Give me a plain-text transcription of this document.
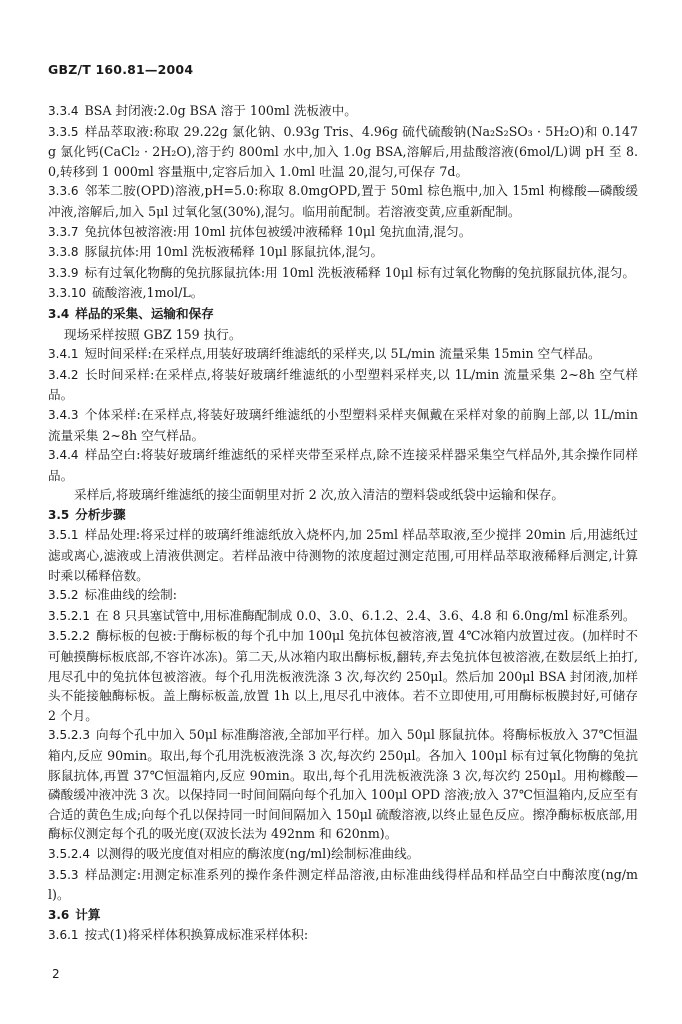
GBZ/T 160.81—2004

3.3.4 BSA 封闭液:2.0g BSA 溶于 100ml 洗板液中。

3.3.5 样品萃取液:称取 29.22g 氯化钠、0.93g Tris、4.96g 硫代硫酸钠(Na₂S₂SO₃ · 5H₂O)和 0.147g 氯化钙(CaCl₂ · 2H₂O),溶于约 800ml 水中,加入 1.0g BSA,溶解后,用盐酸溶液(6mol/L)调 pH 至 8.0,转移到 1 000ml 容量瓶中,定容后加入 1.0ml 吐温 20,混匀,可保存 7d。

3.3.6 邻苯二胺(OPD)溶液,pH=5.0:称取 8.0mgOPD,置于 50ml 棕色瓶中,加入 15ml 枸橼酸—磷酸缓冲液,溶解后,加入 5μl 过氧化氢(30%),混匀。临用前配制。若溶液变黄,应重新配制。

3.3.7 兔抗体包被溶液:用 10ml 抗体包被缓冲液稀释 10μl 兔抗血清,混匀。

3.3.8 豚鼠抗体:用 10ml 洗板液稀释 10μl 豚鼠抗体,混匀。

3.3.9 标有过氧化物酶的兔抗豚鼠抗体:用 10ml 洗板液稀释 10μl 标有过氧化物酶的兔抗豚鼠抗体,混匀。

3.3.10 硫酸溶液,1mol/L。

3.4 样品的采集、运输和保存

现场采样按照 GBZ 159 执行。

3.4.1 短时间采样:在采样点,用装好玻璃纤维滤纸的采样夹,以 5L/min 流量采集 15min 空气样品。

3.4.2 长时间采样:在采样点,将装好玻璃纤维滤纸的小型塑料采样夹,以 1L/min 流量采集 2~8h 空气样品。

3.4.3 个体采样:在采样点,将装好玻璃纤维滤纸的小型塑料采样夹佩戴在采样对象的前胸上部,以 1L/min 流量采集 2~8h 空气样品。

3.4.4 样品空白:将装好玻璃纤维滤纸的采样夹带至采样点,除不连接采样器采集空气样品外,其余操作同样品。

采样后,将玻璃纤维滤纸的接尘面朝里对折 2 次,放入清洁的塑料袋或纸袋中运输和保存。

3.5 分析步骤

3.5.1 样品处理:将采过样的玻璃纤维滤纸放入烧杯内,加 25ml 样品萃取液,至少搅拌 20min 后,用滤纸过滤或离心,滤液或上清液供测定。若样品液中待测物的浓度超过测定范围,可用样品萃取液稀释后测定,计算时乘以稀释倍数。

3.5.2 标准曲线的绘制:

3.5.2.1 在 8 只具塞试管中,用标准酶配制成 0.0、3.0、6.1.2、2.4、3.6、4.8 和 6.0ng/ml 标准系列。

3.5.2.2 酶标板的包被:于酶标板的每个孔中加 100μl 兔抗体包被溶液,置 4℃冰箱内放置过夜。(加样时不可触摸酶标板底部,不容许冰冻)。第二天,从冰箱内取出酶标板,翻转,弃去兔抗体包被溶液,在数层纸上拍打,甩尽孔中的兔抗体包被溶液。每个孔用洗板液洗涤 3 次,每次约 250μl。然后加 200μl BSA 封闭液,加样头不能接触酶标板。盖上酶标板盖,放置 1h 以上,甩尽孔中液体。若不立即使用,可用酶标板膜封好,可储存 2 个月。

3.5.2.3 向每个孔中加入 50μl 标准酶溶液,全部加平行样。加入 50μl 豚鼠抗体。将酶标板放入 37℃恒温箱内,反应 90min。取出,每个孔用洗板液洗涤 3 次,每次约 250μl。各加入 100μl 标有过氧化物酶的兔抗豚鼠抗体,再置 37℃恒温箱内,反应 90min。取出,每个孔用洗板液洗涤 3 次,每次约 250μl。用枸橼酸—磷酸缓冲液冲洗 3 次。以保持同一时间间隔向每个孔加入 100μl OPD 溶液;放入 37℃恒温箱内,反应至有合适的黄色生成;向每个孔以保持同一时间间隔加入 150μl 硫酸溶液,以终止显色反应。擦净酶标板底部,用酶标仪测定每个孔的吸光度(双波长法为 492nm 和 620nm)。

3.5.2.4 以测得的吸光度值对相应的酶浓度(ng/ml)绘制标准曲线。

3.5.3 样品测定:用测定标准系列的操作条件测定样品溶液,由标准曲线得样品和样品空白中酶浓度(ng/ml)。

3.6 计算

3.6.1 按式(1)将采样体积换算成标准采样体积:

2
